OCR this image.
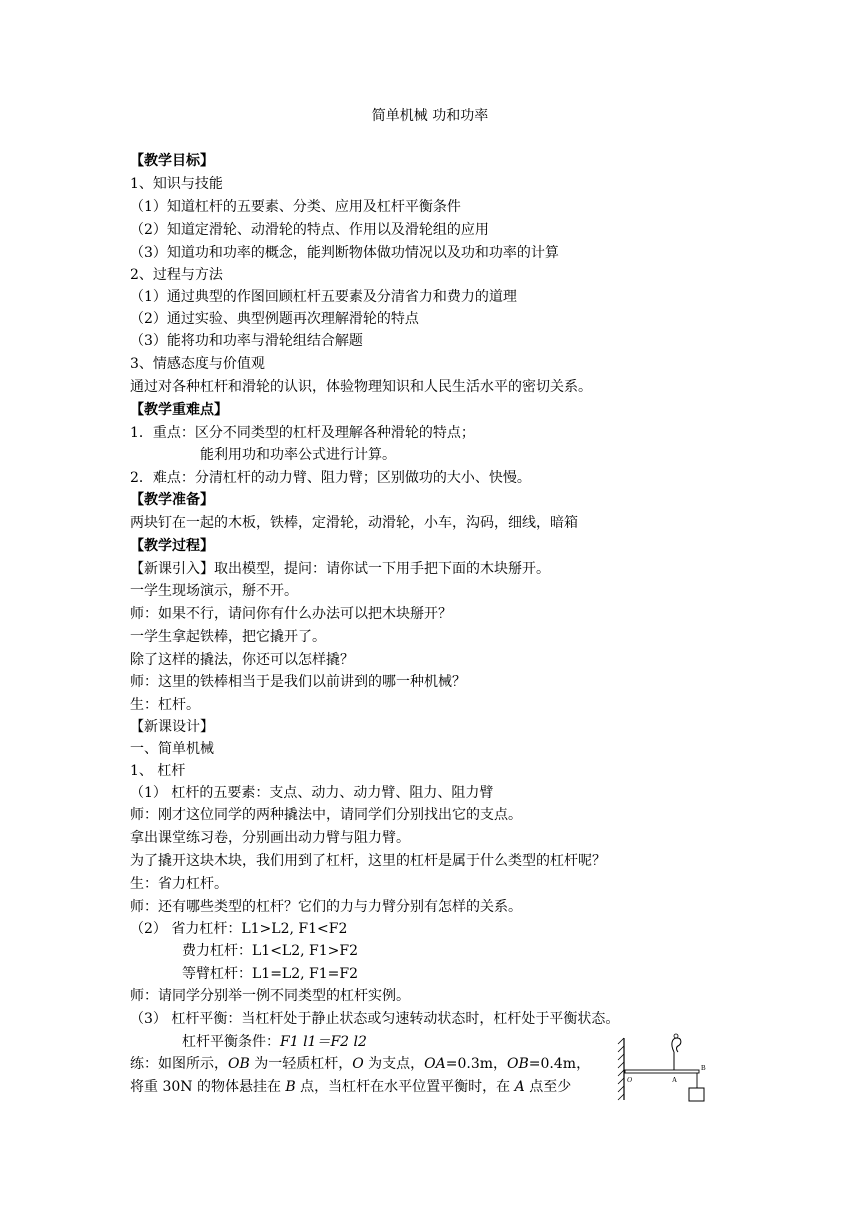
简单机械 功和功率
【教学目标】
1、知识与技能
（1）知道杠杆的五要素、分类、应用及杠杆平衡条件
（2）知道定滑轮、动滑轮的特点、作用以及滑轮组的应用
（3）知道功和功率的概念，能判断物体做功情况以及功和功率的计算
2、过程与方法
（1）通过典型的作图回顾杠杆五要素及分清省力和费力的道理
（2）通过实验、典型例题再次理解滑轮的特点
（3）能将功和功率与滑轮组结合解题
3、情感态度与价值观
通过对各种杠杆和滑轮的认识，体验物理知识和人民生活水平的密切关系。
【教学重难点】
1．重点：区分不同类型的杠杆及理解各种滑轮的特点；
能利用功和功率公式进行计算。
2．难点：分清杠杆的动力臂、阻力臂；区别做功的大小、快慢。
【教学准备】
两块钉在一起的木板，铁棒，定滑轮，动滑轮，小车，沟码，细线，暗箱
【教学过程】
【新课引入】取出模型，提问：请你试一下用手把下面的木块掰开。
一学生现场演示，掰不开。
师：如果不行，请问你有什么办法可以把木块掰开？
一学生拿起铁棒，把它撬开了。
除了这样的撬法，你还可以怎样撬？
师：这里的铁棒相当于是我们以前讲到的哪一种机械？
生：杠杆。
【新课设计】
一、简单机械
1、 杠杆
（1） 杠杆的五要素：支点、动力、动力臂、阻力、阻力臂
师：刚才这位同学的两种撬法中，请同学们分别找出它的支点。
拿出课堂练习卷，分别画出动力臂与阻力臂。
为了撬开这块木块，我们用到了杠杆，这里的杠杆是属于什么类型的杠杆呢？
生：省力杠杆。
师：还有哪些类型的杠杆？它们的力与力臂分别有怎样的关系。
（2） 省力杠杆：L1>L2, F1<F2
费力杠杆：L1<L2, F1>F2
等臂杠杆：L1=L2, F1=F2
师：请同学分别举一例不同类型的杠杆实例。
（3） 杠杆平衡：当杠杆处于静止状态或匀速转动状态时，杠杆处于平衡状态。
杠杆平衡条件：F1 l1＝F2 l2
练：如图所示，OB 为一轻质杠杆，O 为支点，OA=0.3m，OB=0.4m，
将重 30N 的物体悬挂在 B 点，当杠杆在水平位置平衡时，在 A 点至少	O	A
B
